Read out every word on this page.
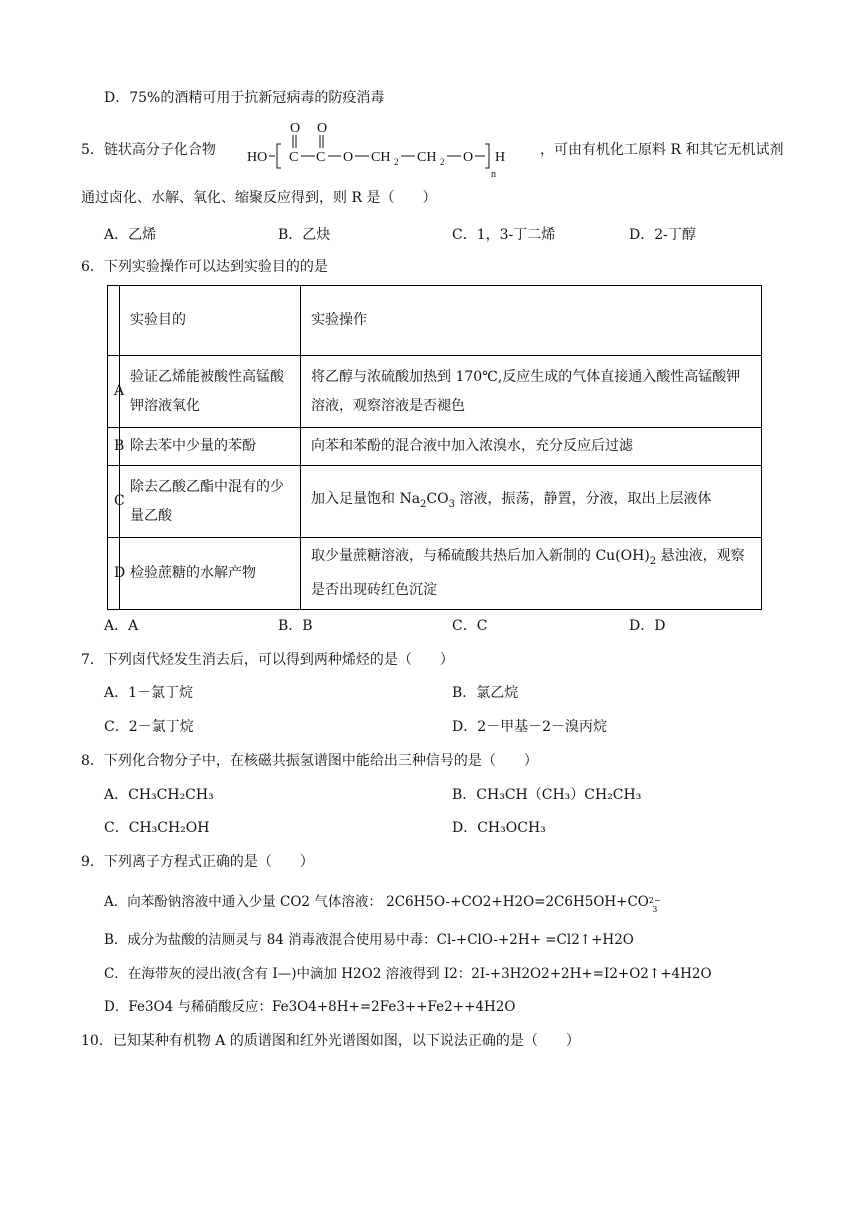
D．75%的酒精可用于抗新冠病毒的防疫消毒
5．链状高分子化合物 HO
O
C
O
C O CH 2 CH 2 O H
n
，可由有机化工原料 R 和其它无机试剂
通过卤化、水解、氧化、缩聚反应得到，则 R 是（　　）
A．乙烯	B．乙炔	C．1，3-丁二烯	D．2-丁醇
6．下列实验操作可以达到实验目的的是
	实验目的	实验操作
A	验证乙烯能被酸性高锰酸钾溶液氧化	将乙醇与浓硫酸加热到 170℃,反应生成的气体直接通入酸性高锰酸钾溶液，观察溶液是否褪色
B	除去苯中少量的苯酚	向苯和苯酚的混合液中加入浓溴水，充分反应后过滤
C	除去乙酸乙酯中混有的少量乙酸	加入足量饱和 $Na_2CO_3$ 溶液，振荡，静置，分液，取出上层液体
D	检验蔗糖的水解产物	取少量蔗糖溶液，与稀硫酸共热后加入新制的 $Cu(OH)_2$ 悬浊液，观察是否出现砖红色沉淀
A．A	B．B	C．C	D．D
7．下列卤代烃发生消去后，可以得到两种烯烃的是（　　）
A．1－氯丁烷	B．氯乙烷
C．2－氯丁烷	D．2－甲基－2－溴丙烷
8．下列化合物分子中，在核磁共振氢谱图中能给出三种信号的是（　　）
A．CH₃CH₂CH₃	B．CH₃CH（CH₃）CH₂CH₃
C．CH₃CH₂OH	D．CH₃OCH₃
9．下列离子方程式正确的是（　　）
A．向苯酚钠溶液中通入少量 CO2 气体溶液： 2C6H5O-+CO2+H2O=2C6H5OH+CO2−
3
B．成分为盐酸的洁厕灵与 84 消毒液混合使用易中毒：Cl-+ClO-+2H+ =Cl2↑+H2O
C．在海带灰的浸出液(含有 I—)中滴加 H2O2 溶液得到 I2：2I-+3H2O2+2H+=I2+O2↑+4H2O
D．Fe3O4 与稀硝酸反应：Fe3O4+8H+=2Fe3++Fe2++4H2O
10．已知某种有机物 A 的质谱图和红外光谱图如图，以下说法正确的是（　　）
